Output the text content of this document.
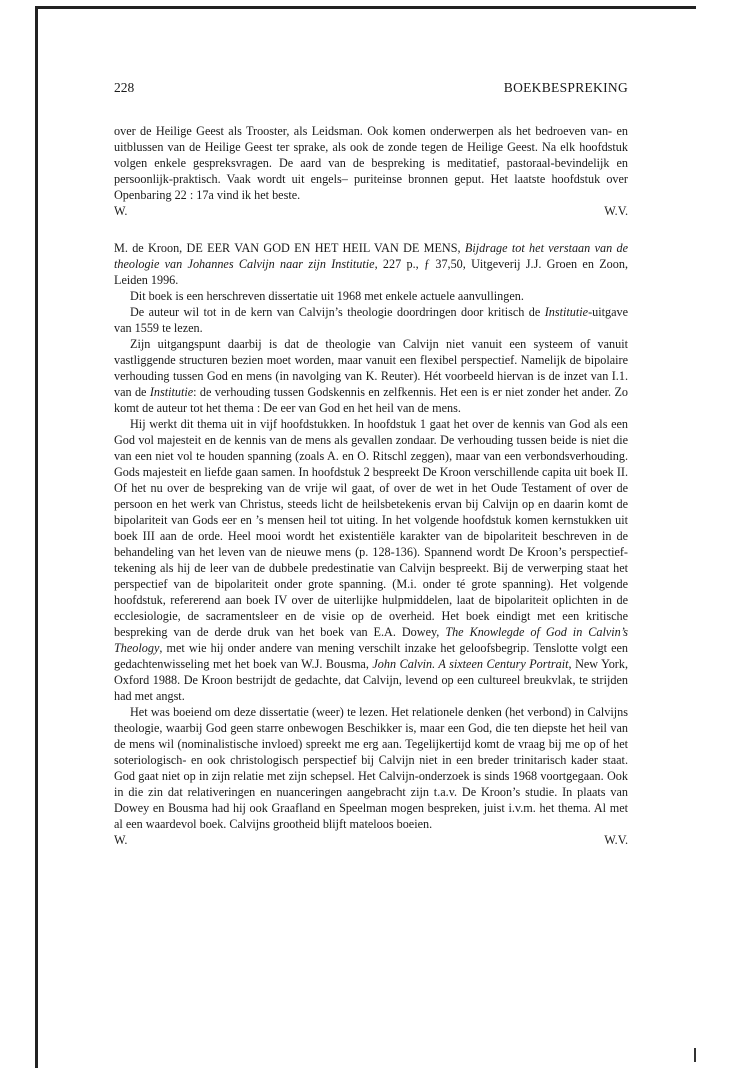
228	BOEKBESPREKING

over de Heilige Geest als Trooster, als Leidsman. Ook komen onderwerpen als het bedroeven van- en uitblussen van de Heilige Geest ter sprake, als ook de zonde tegen de Heilige Geest. Na elk hoofdstuk volgen enkele gespreksvragen. De aard van de bespreking is meditatief, pastoraal-bevindelijk en persoonlijk-praktisch. Vaak wordt uit engels– puriteinse bronnen geput. Het laatste hoofdstuk over Openbaring 22 : 17a vind ik het beste.

W.	W.V.

M. de Kroon, DE EER VAN GOD EN HET HEIL VAN DE MENS, Bijdrage tot het verstaan van de theologie van Johannes Calvijn naar zijn Institutie, 227 p., ƒ 37,50, Uitgeverij J.J. Groen en Zoon, Leiden 1996.

Dit boek is een herschreven dissertatie uit 1968 met enkele actuele aanvullingen.

De auteur wil tot in de kern van Calvijn’s theologie doordringen door kritisch de Institutie-uitgave van 1559 te lezen.

Zijn uitgangspunt daarbij is dat de theologie van Calvijn niet vanuit een systeem of vanuit vastliggende structuren bezien moet worden, maar vanuit een flexibel perspectief. Namelijk de bipolaire verhouding tussen God en mens (in navolging van K. Reuter). Hét voorbeeld hiervan is de inzet van I.1. van de Institutie: de verhouding tussen Godskennis en zelfkennis. Het een is er niet zonder het ander. Zo komt de auteur tot het thema : De eer van God en het heil van de mens.

Hij werkt dit thema uit in vijf hoofdstukken. In hoofdstuk 1 gaat het over de kennis van God als een God vol majesteit en de kennis van de mens als gevallen zondaar. De verhouding tussen beide is niet die van een niet vol te houden spanning (zoals A. en O. Ritschl zeggen), maar van een verbondsverhouding. Gods majesteit en liefde gaan samen. In hoofdstuk 2 bespreekt De Kroon verschillende capita uit boek II. Of het nu over de bespreking van de vrije wil gaat, of over de wet in het Oude Testament of over de persoon en het werk van Christus, steeds licht de heilsbetekenis ervan bij Calvijn op en daarin komt de bipolariteit van Gods eer en ’s mensen heil tot uiting. In het volgende hoofdstuk komen kernstukken uit boek III aan de orde. Heel mooi wordt het existentiële karakter van de bipolariteit beschreven in de behandeling van het leven van de nieuwe mens (p. 128-136). Spannend wordt De Kroon’s perspectief-tekening als hij de leer van de dubbele predestinatie van Calvijn bespreekt. Bij de verwerping staat het perspectief van de bipolariteit onder grote spanning. (M.i. onder té grote spanning). Het volgende hoofdstuk, refererend aan boek IV over de uiterlijke hulpmiddelen, laat de bipolariteit oplichten in de ecclesiologie, de sacramentsleer en de visie op de overheid. Het boek eindigt met een kritische bespreking van de derde druk van het boek van E.A. Dowey, The Knowlegde of God in Calvin’s Theology, met wie hij onder andere van mening verschilt inzake het geloofsbegrip. Tenslotte volgt een gedachtenwisseling met het boek van W.J. Bousma, John Calvin. A sixteen Century Portrait, New York, Oxford 1988. De Kroon bestrijdt de gedachte, dat Calvijn, levend op een cultureel breukvlak, te strijden had met angst.

Het was boeiend om deze dissertatie (weer) te lezen. Het relationele denken (het verbond) in Calvijns theologie, waarbij God geen starre onbewogen Beschikker is, maar een God, die ten diepste het heil van de mens wil (nominalistische invloed) spreekt me erg aan. Tegelijkertijd komt de vraag bij me op of het soteriologisch- en ook christologisch perspectief bij Calvijn niet in een breder trinitarisch kader staat. God gaat niet op in zijn relatie met zijn schepsel. Het Calvijn-onderzoek is sinds 1968 voortgegaan. Ook in die zin dat relativeringen en nuanceringen aangebracht zijn t.a.v. De Kroon’s studie. In plaats van Dowey en Bousma had hij ook Graafland en Speelman mogen bespreken, juist i.v.m. het thema. Al met al een waardevol boek. Calvijns grootheid blijft mateloos boeien.

W.	W.V.
